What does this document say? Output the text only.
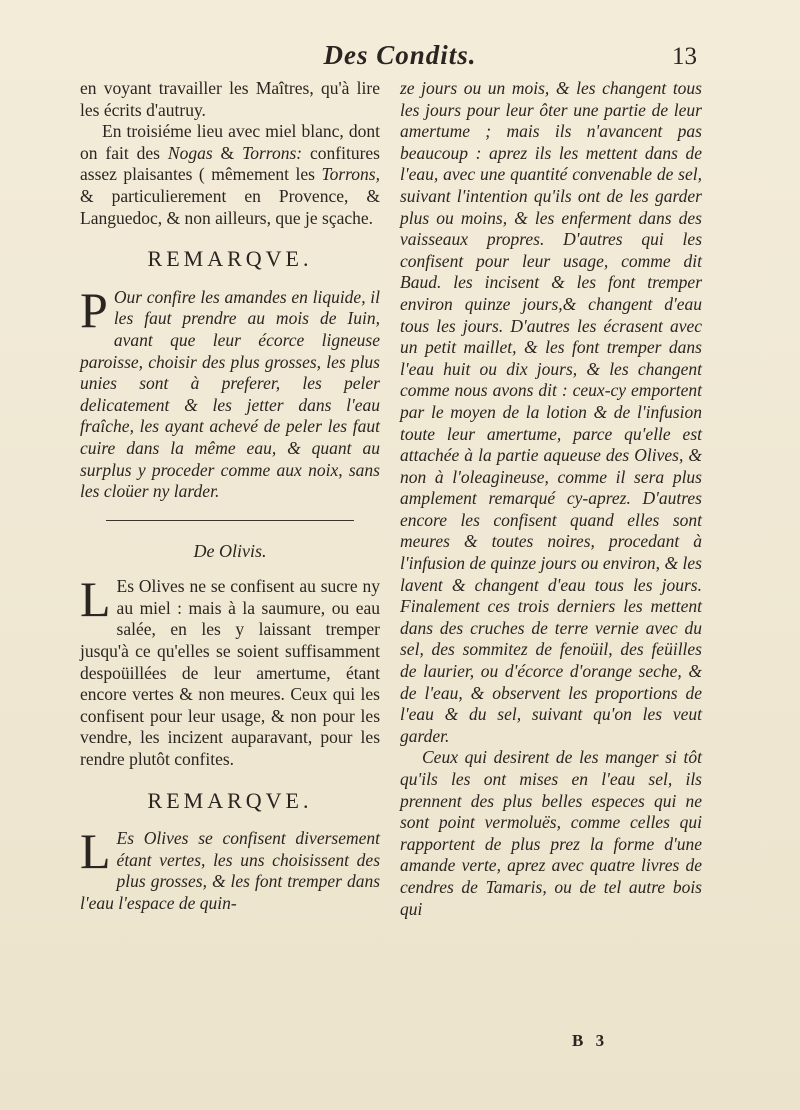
Des Condits.	13

en voyant travailler les Maîtres, qu'à lire les écrits d'autruy.

En troisiéme lieu avec miel blanc, dont on fait des Nogas & Torrons: confitures assez plaisantes ( mêmement les Torrons, & particulierement en Provence, & Languedoc, & non ailleurs, que je sçache.

REMARQVE.

P Our confire les amandes en liquide, il les faut prendre au mois de Iuin, avant que leur écorce ligneuse paroisse, choisir des plus grosses, les plus unies sont à preferer, les peler delicatement & les jetter dans l'eau fraîche, les ayant achevé de peler les faut cuire dans la même eau, & quant au surplus y proceder comme aux noix, sans les cloüer ny larder.

De Olivis.

L Es Olives ne se confisent au sucre ny au miel : mais à la saumure, ou eau salée, en les y laissant tremper jusqu'à ce qu'elles se soient suffisamment despoüillées de leur amertume, étant encore vertes & non meures. Ceux qui les confisent pour leur usage, & non pour les vendre, les incizent auparavant, pour les rendre plutôt confites.

REMARQVE.

L Es Olives se confisent diversement étant vertes, les uns choisissent des plus grosses, & les font tremper dans l'eau l'espace de quin-

ze jours ou un mois, & les changent tous les jours pour leur ôter une partie de leur amertume ; mais ils n'avancent pas beaucoup : aprez ils les mettent dans de l'eau, avec une quantité convenable de sel, suivant l'intention qu'ils ont de les garder plus ou moins, & les enferment dans des vaisseaux propres. D'autres qui les confisent pour leur usage, comme dit Baud. les incisent & les font tremper environ quinze jours,& changent d'eau tous les jours. D'autres les écrasent avec un petit maillet, & les font tremper dans l'eau huit ou dix jours, & les changent comme nous avons dit : ceux-cy emportent par le moyen de la lotion & de l'infusion toute leur amertume, parce qu'elle est attachée à la partie aqueuse des Olives, & non à l'oleagineuse, comme il sera plus amplement remarqué cy-aprez. D'autres encore les confisent quand elles sont meures & toutes noires, procedant à l'infusion de quinze jours ou environ, & les lavent & changent d'eau tous les jours. Finalement ces trois derniers les mettent dans des cruches de terre vernie avec du sel, des sommitez de fenoüil, des feüilles de laurier, ou d'écorce d'orange seche, & de l'eau, & observent les proportions de l'eau & du sel, suivant qu'on les veut garder.

Ceux qui desirent de les manger si tôt qu'ils les ont mises en l'eau sel, ils prennent des plus belles especes qui ne sont point vermoluës, comme celles qui rapportent de plus prez la forme d'une amande verte, aprez avec quatre livres de cendres de Tamaris, ou de tel autre bois qui

B 3
